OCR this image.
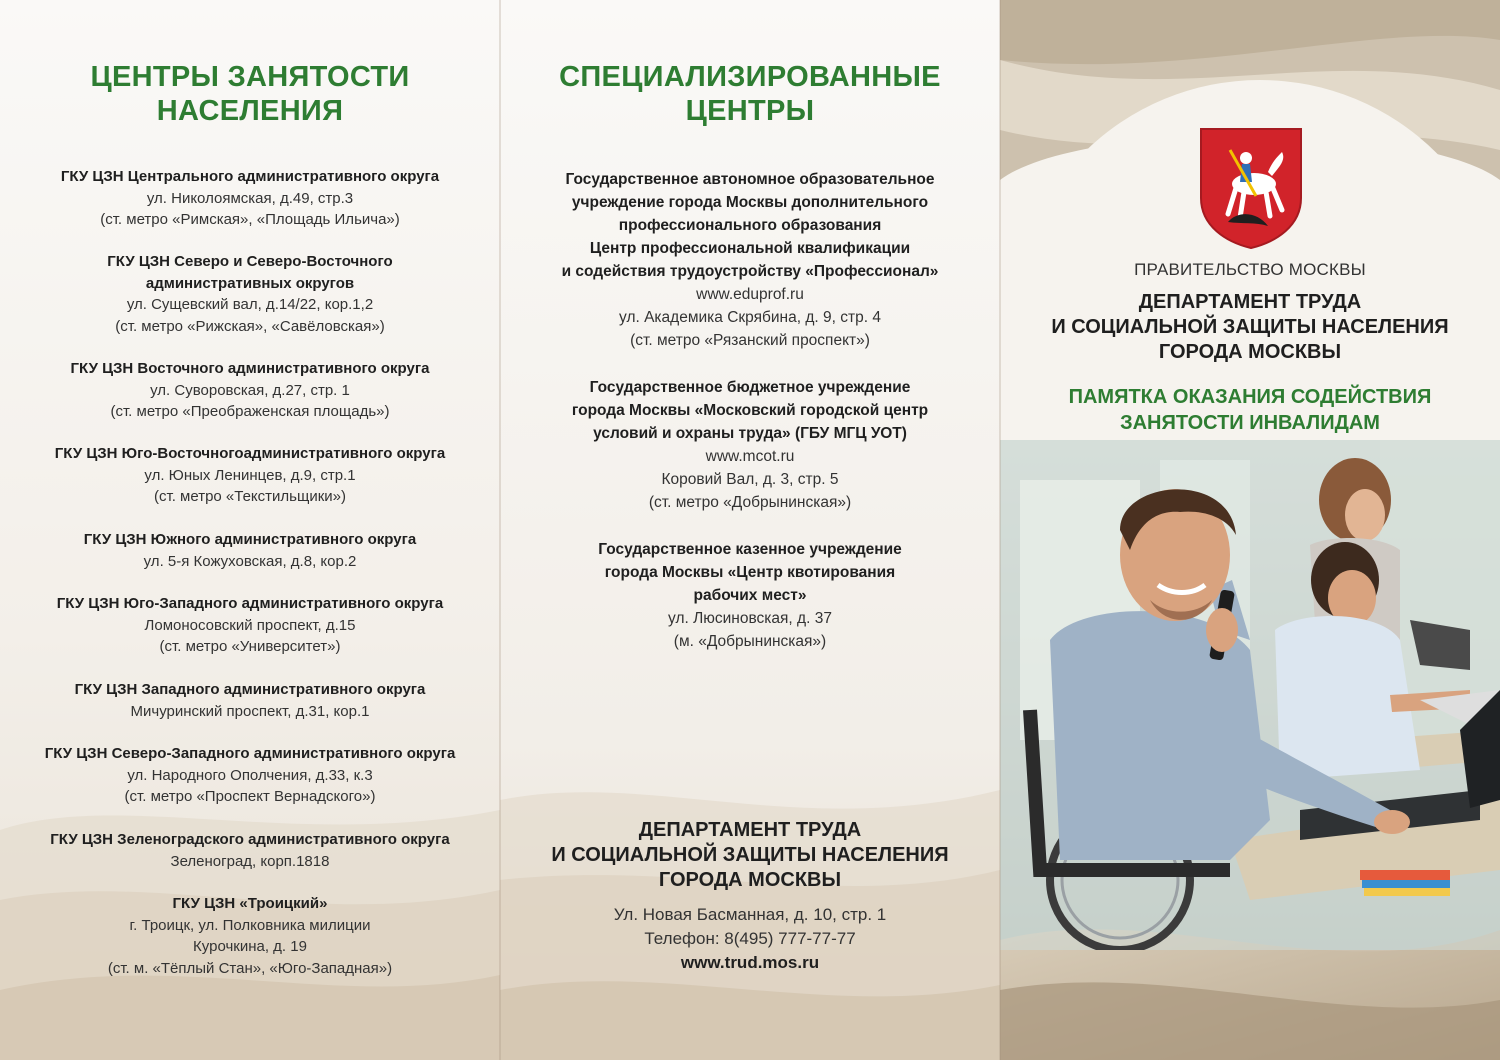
ЦЕНТРЫ ЗАНЯТОСТИ
НАСЕЛЕНИЯ
ГКУ ЦЗН Центрального административного округа
ул. Николоямская, д.49, стр.3
(ст. метро «Римская», «Площадь Ильича»)
ГКУ ЦЗН Северо и Северо-Восточного
административных округов
ул. Сущевский вал, д.14/22, кор.1,2
(ст. метро «Рижская», «Савёловская»)
ГКУ ЦЗН Восточного административного округа
ул. Суворовская, д.27, стр. 1
(ст. метро «Преображенская площадь»)
ГКУ ЦЗН Юго-Восточногоадминистративного округа
ул. Юных Ленинцев, д.9, стр.1
(ст. метро «Текстильщики»)
ГКУ ЦЗН Южного административного округа
ул. 5-я Кожуховская, д.8, кор.2
ГКУ ЦЗН Юго-Западного административного округа
Ломоносовский проспект, д.15
(ст. метро «Университет»)
ГКУ ЦЗН Западного административного округа
Мичуринский проспект, д.31, кор.1
ГКУ ЦЗН Северо-Западного административного округа
ул. Народного Ополчения, д.33, к.3
(ст. метро «Проспект Вернадского»)
ГКУ ЦЗН Зеленоградского административного округа
Зеленоград, корп.1818
ГКУ ЦЗН «Троицкий»
г. Троицк, ул. Полковника милиции
Курочкина, д. 19
(ст. м. «Тёплый Стан», «Юго-Западная»)
СПЕЦИАЛИЗИРОВАННЫЕ
ЦЕНТРЫ
Государственное автономное образовательное
учреждение города Москвы дополнительного
профессионального образования
Центр профессиональной квалификации
и содействия трудоустройству «Профессионал»
www.eduprof.ru
ул. Академика Скрябина, д. 9, стр. 4
(ст. метро «Рязанский проспект»)
Государственное бюджетное учреждение
города Москвы «Московский городской центр
условий и охраны труда» (ГБУ МГЦ УОТ)
www.mcot.ru
Коровий Вал, д. 3, стр. 5
(ст. метро «Добрынинская»)
Государственное казенное учреждение
города Москвы «Центр квотирования
рабочих мест»
ул. Люсиновская, д. 37
(м. «Добрынинская»)
ДЕПАРТАМЕНТ ТРУДА
И СОЦИАЛЬНОЙ ЗАЩИТЫ НАСЕЛЕНИЯ
ГОРОДА МОСКВЫ
Ул. Новая Басманная, д. 10, стр. 1
Телефон: 8(495) 777-77-77
www.trud.mos.ru
ПРАВИТЕЛЬСТВО МОСКВЫ
ДЕПАРТАМЕНТ ТРУДА
И СОЦИАЛЬНОЙ ЗАЩИТЫ НАСЕЛЕНИЯ
ГОРОДА МОСКВЫ
ПАМЯТКА ОКАЗАНИЯ СОДЕЙСТВИЯ
ЗАНЯТОСТИ ИНВАЛИДАМ
